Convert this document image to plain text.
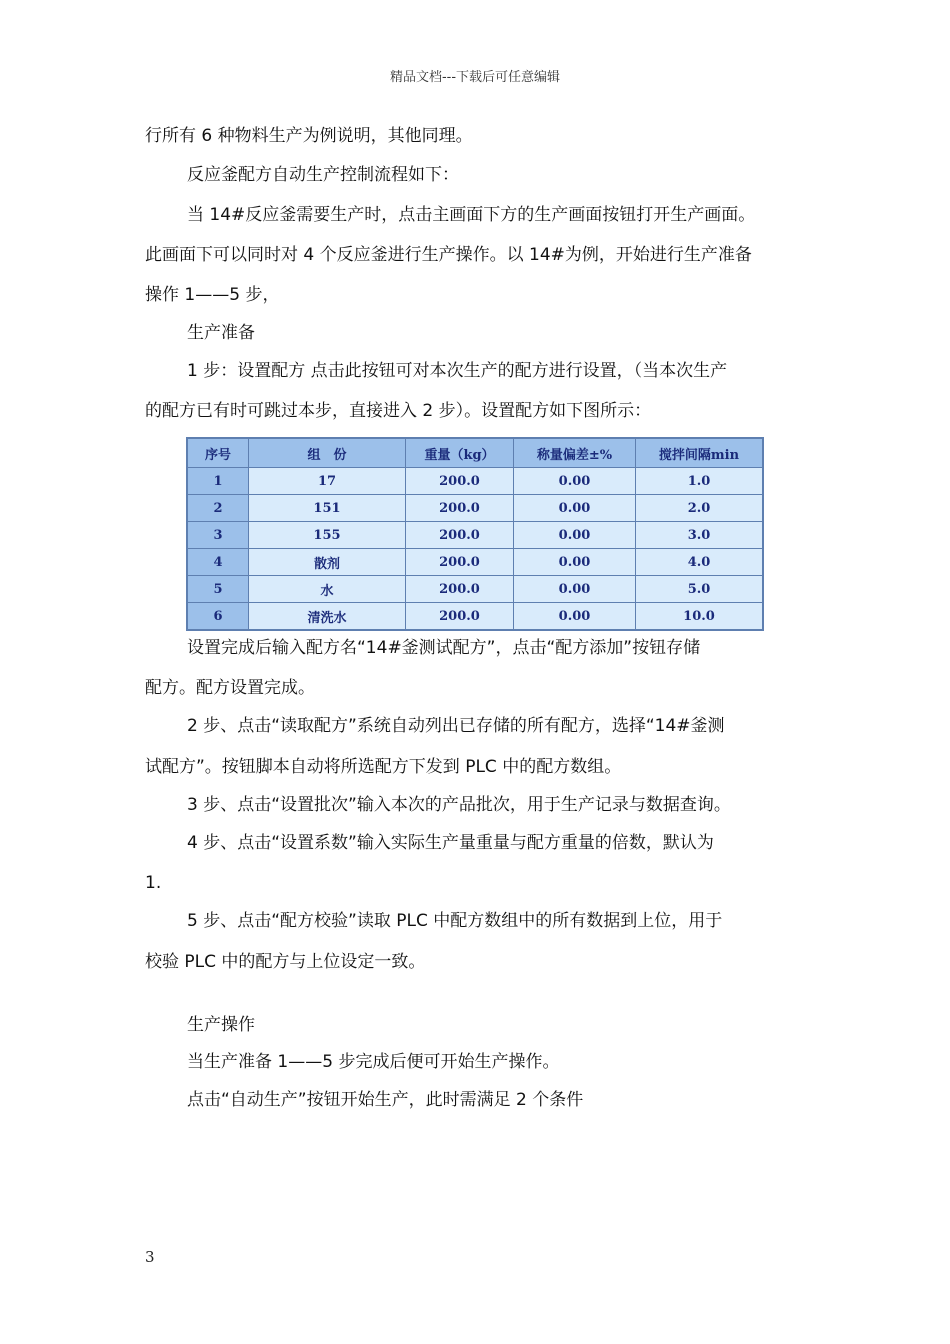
精品文档---下载后可任意编辑
行所有 6 种物料生产为例说明，其他同理。
反应釜配方自动生产控制流程如下：
当 14#反应釜需要生产时，点击主画面下方的生产画面按钮打开生产画面。
此画面下可以同时对 4 个反应釜进行生产操作。以 14#为例，开始进行生产准备
操作 1——5 步，
生产准备
1 步：设置配方 点击此按钮可对本次生产的配方进行设置，（当本次生产
的配方已有时可跳过本步，直接进入 2 步）。设置配方如下图所示：
序号	组　份	重量（kg）	称量偏差±%	搅拌间隔min
1	17	200.0	0.00	1.0
2	151	200.0	0.00	2.0
3	155	200.0	0.00	3.0
4	散剂	200.0	0.00	4.0
5	水	200.0	0.00	5.0
6	清洗水	200.0	0.00	10.0
设置完成后输入配方名“14#釜测试配方”，点击“配方添加”按钮存储
配方。配方设置完成。
2 步、点击“读取配方”系统自动列出已存储的所有配方，选择“14#釜测
试配方”。按钮脚本自动将所选配方下发到 PLC 中的配方数组。
3 步、点击“设置批次”输入本次的产品批次，用于生产记录与数据查询。
4 步、点击“设置系数”输入实际生产量重量与配方重量的倍数，默认为
1.
5 步、点击“配方校验”读取 PLC 中配方数组中的所有数据到上位，用于
校验 PLC 中的配方与上位设定一致。
生产操作
当生产准备 1——5 步完成后便可开始生产操作。
点击“自动生产”按钮开始生产，此时需满足 2 个条件
3
